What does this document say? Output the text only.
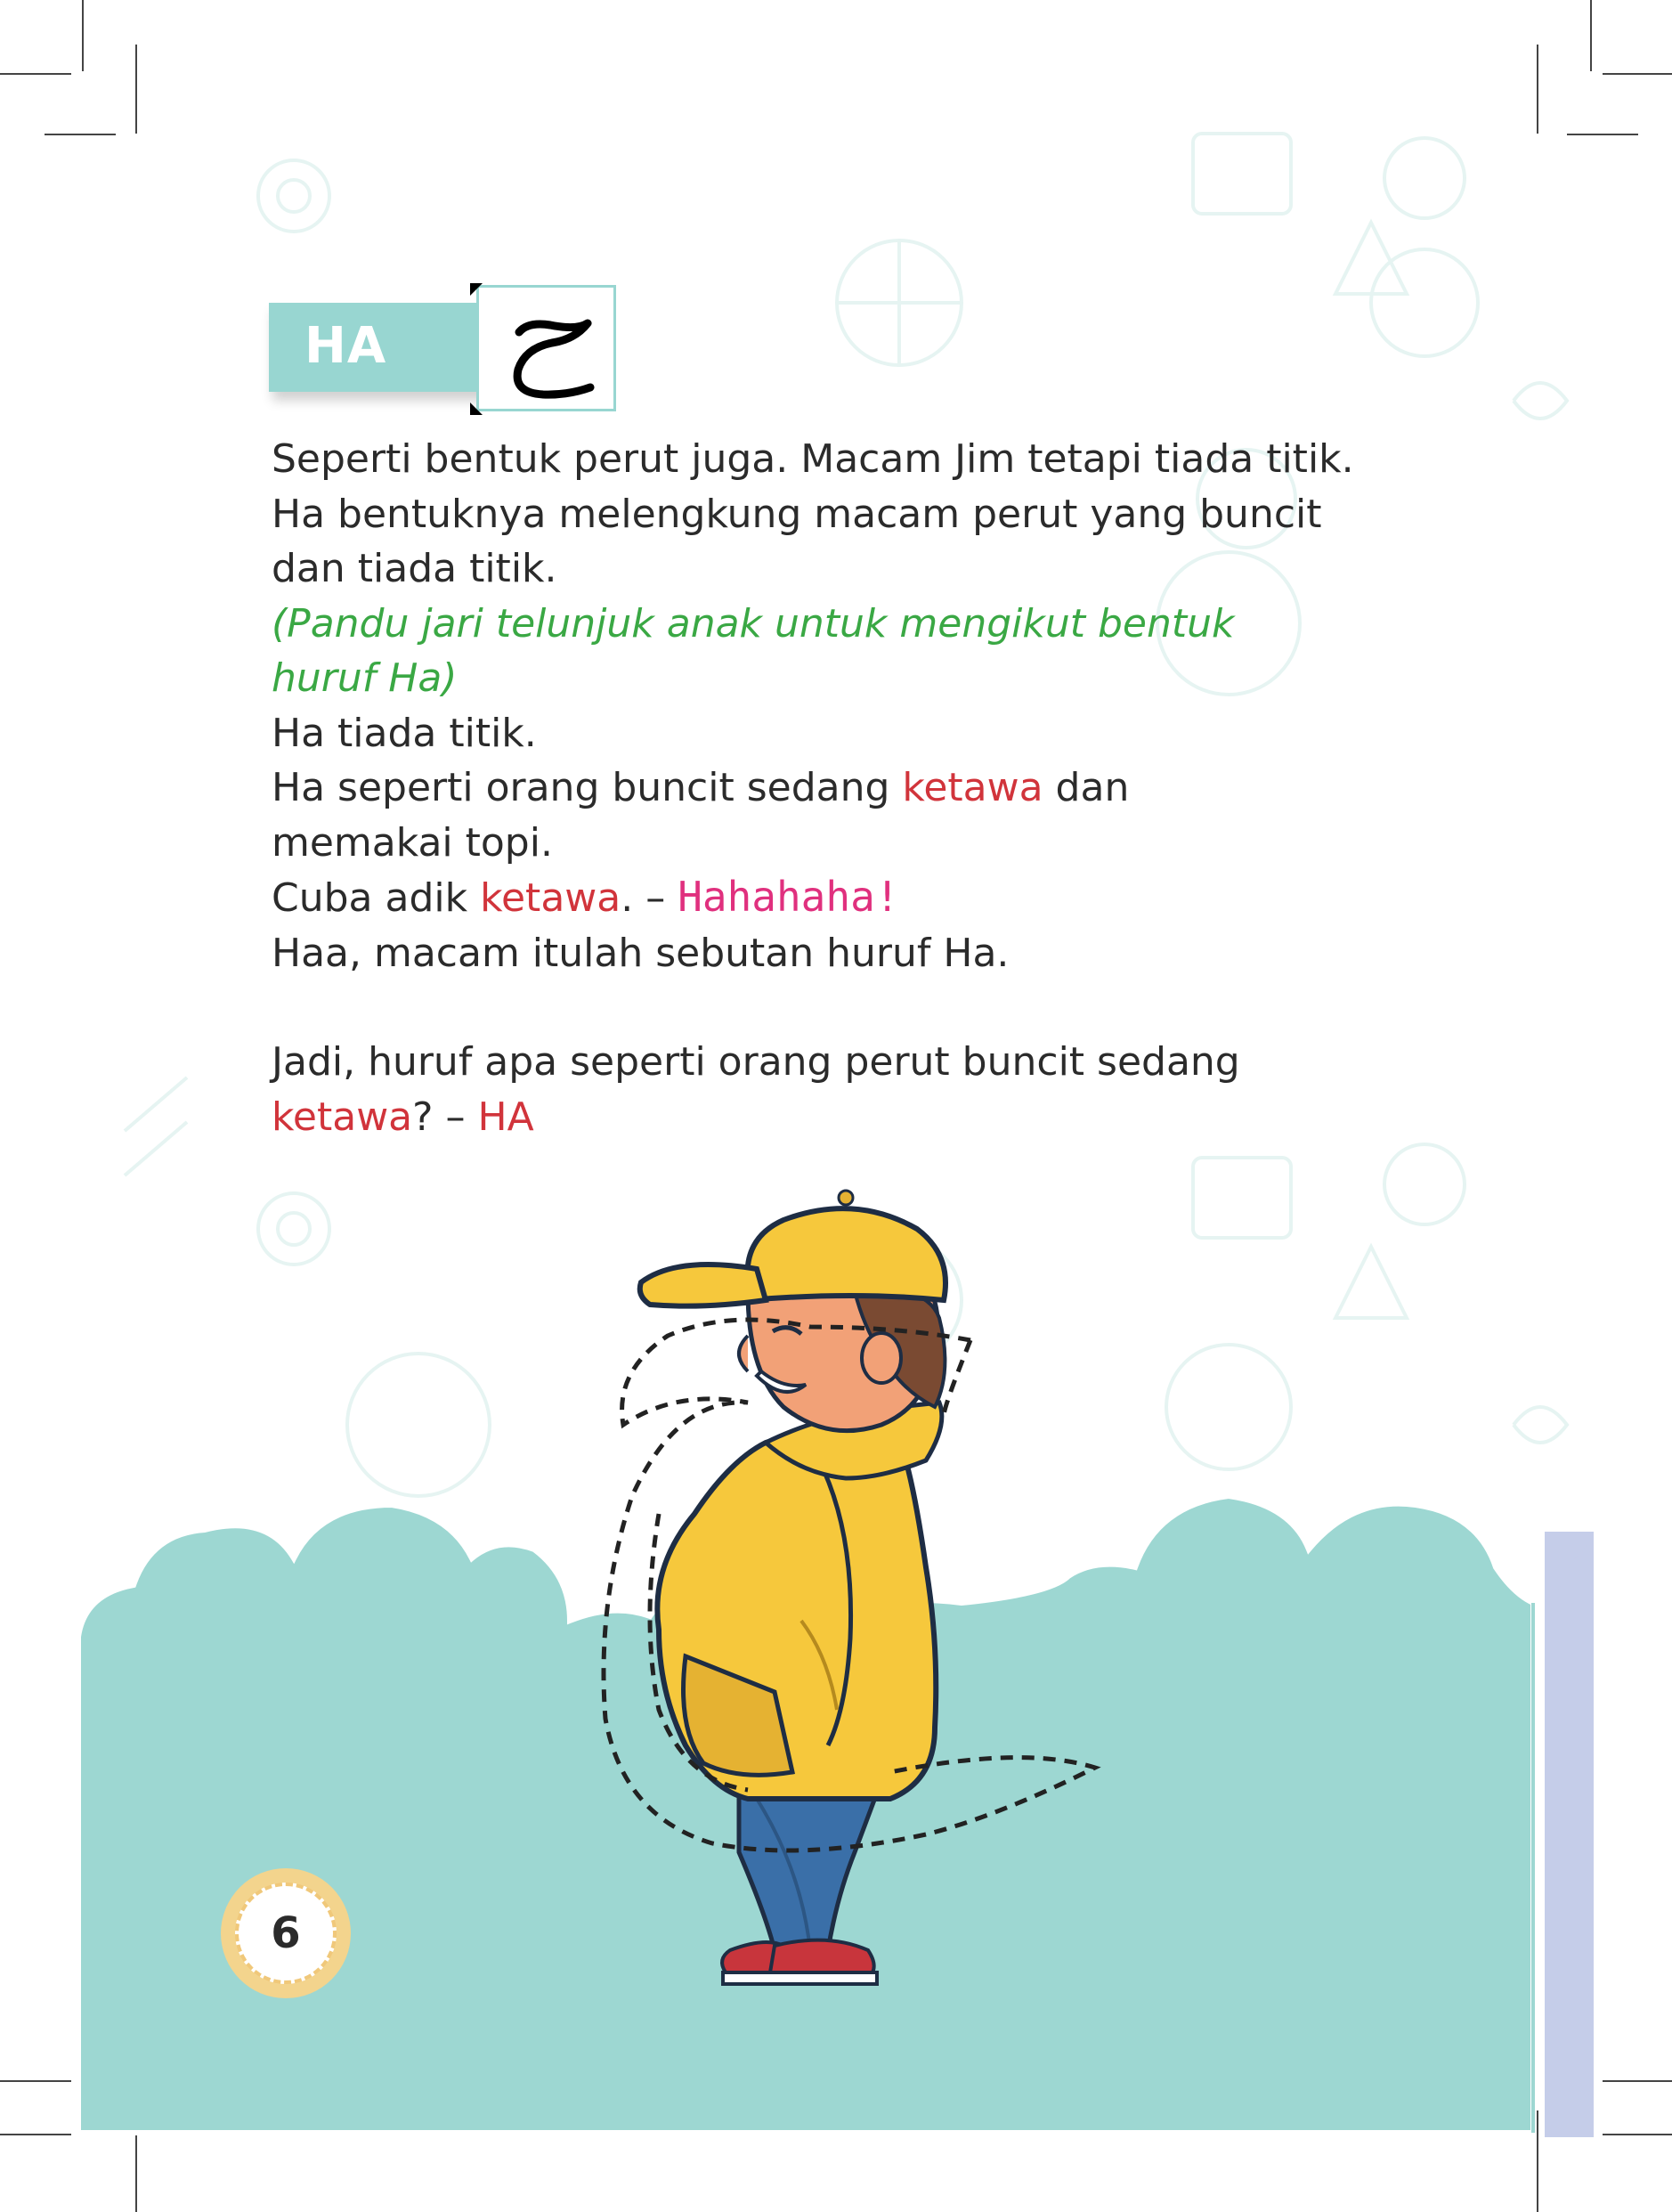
HA
Seperti bentuk perut juga. Macam Jim tetapi tiada titik.
Ha bentuknya melengkung macam perut yang buncit
dan tiada titik.
(Pandu jari telunjuk anak untuk mengikut bentuk
huruf Ha)
Ha tiada titik.
Ha seperti orang buncit sedang ketawa dan
memakai topi.
Cuba adik ketawa. – Hahahaha!
Haa, macam itulah sebutan huruf Ha.
Jadi, huruf apa seperti orang perut buncit sedang
ketawa? – HA
6
